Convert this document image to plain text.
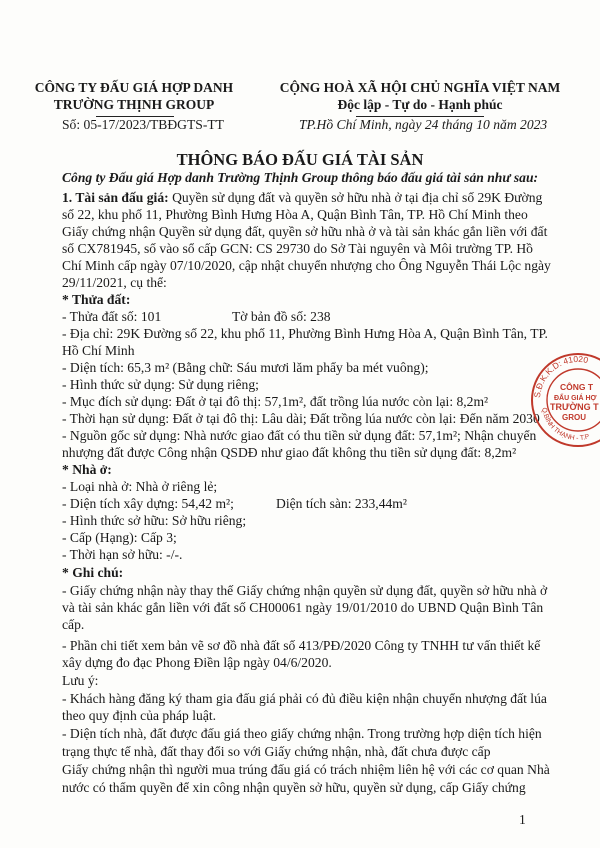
CÔNG TY ĐẤU GIÁ HỢP DANH
TRƯỜNG THỊNH GROUP
CỘNG HOÀ XÃ HỘI CHỦ NGHĨA VIỆT NAM
Độc lập - Tự do - Hạnh phúc
Số: 05-17/2023/TBĐGTS-TT	TP.Hồ Chí Minh, ngày 24 tháng 10 năm 2023
THÔNG BÁO ĐẤU GIÁ TÀI SẢN
Công ty Đấu giá Hợp danh Trường Thịnh Group thông báo đấu giá tài sản như sau:
1. Tài sản đấu giá: Quyền sử dụng đất và quyền sở hữu nhà ở tại địa chỉ số 29K Đường
số 22, khu phố 11, Phường Bình Hưng Hòa A, Quận Bình Tân, TP. Hồ Chí Minh theo
Giấy chứng nhận Quyền sử dụng đất, quyền sở hữu nhà ở và tài sản khác gắn liền với đất
số CX781945, số vào sổ cấp GCN: CS 29730 do Sở Tài nguyên và Môi trường TP. Hồ
Chí Minh cấp ngày 07/10/2020, cập nhật chuyển nhượng cho Ông Nguyễn Thái Lộc ngày
29/11/2021, cụ thể:
* Thửa đất:
- Thửa đất số: 101	Tờ bản đồ số: 238
- Địa chỉ: 29K Đường số 22, khu phố 11, Phường Bình Hưng Hòa A, Quận Bình Tân, TP.
Hồ Chí Minh
- Diện tích: 65,3 m² (Bằng chữ: Sáu mươi lăm phẩy ba mét vuông);
- Hình thức sử dụng: Sử dụng riêng;
- Mục đích sử dụng: Đất ở tại đô thị: 57,1m², đất trồng lúa nước còn lại: 8,2m²
- Thời hạn sử dụng: Đất ở tại đô thị: Lâu dài; Đất trồng lúa nước còn lại: Đến năm 2030
- Nguồn gốc sử dụng: Nhà nước giao đất có thu tiền sử dụng đất: 57,1m²; Nhận chuyển
nhượng đất được Công nhận QSDĐ như giao đất không thu tiền sử dụng đất: 8,2m²
* Nhà ở:
- Loại nhà ở: Nhà ở riêng lẻ;
- Diện tích xây dựng: 54,42 m²;	Diện tích sàn: 233,44m²
- Hình thức sở hữu: Sở hữu riêng;
- Cấp (Hạng): Cấp 3;
- Thời hạn sở hữu: -/-.
* Ghi chú:
- Giấy chứng nhận này thay thế Giấy chứng nhận quyền sử dụng đất, quyền sở hữu nhà ở
và tài sản khác gắn liền với đất số CH00061 ngày 19/01/2010 do UBND Quận Bình Tân
cấp.
- Phần chi tiết xem bản vẽ sơ đồ nhà đất số 413/PĐ/2020 Công ty TNHH tư vấn thiết kế
xây dựng đo đạc Phong Điền lập ngày 04/6/2020.
Lưu ý:
- Khách hàng đăng ký tham gia đấu giá phải có đủ điều kiện nhận chuyển nhượng đất lúa
theo quy định của pháp luật.
- Diện tích nhà, đất được đấu giá theo giấy chứng nhận. Trong trường hợp diện tích hiện
trạng thực tế nhà, đất thay đổi so với Giấy chứng nhận, nhà, đất chưa được cấp
Giấy chứng nhận thì người mua trúng đấu giá có trách nhiệm liên hệ với các cơ quan Nhà
nước có thẩm quyền để xin công nhận quyền sở hữu, quyền sử dụng, cấp Giấy chứng
1
S.Đ.K.K.D: 41020
Q.BÌNH THẠNH - T.P
CÔNG T
ĐẤU GIÁ HỢ
TRƯỜNG T
GROU
